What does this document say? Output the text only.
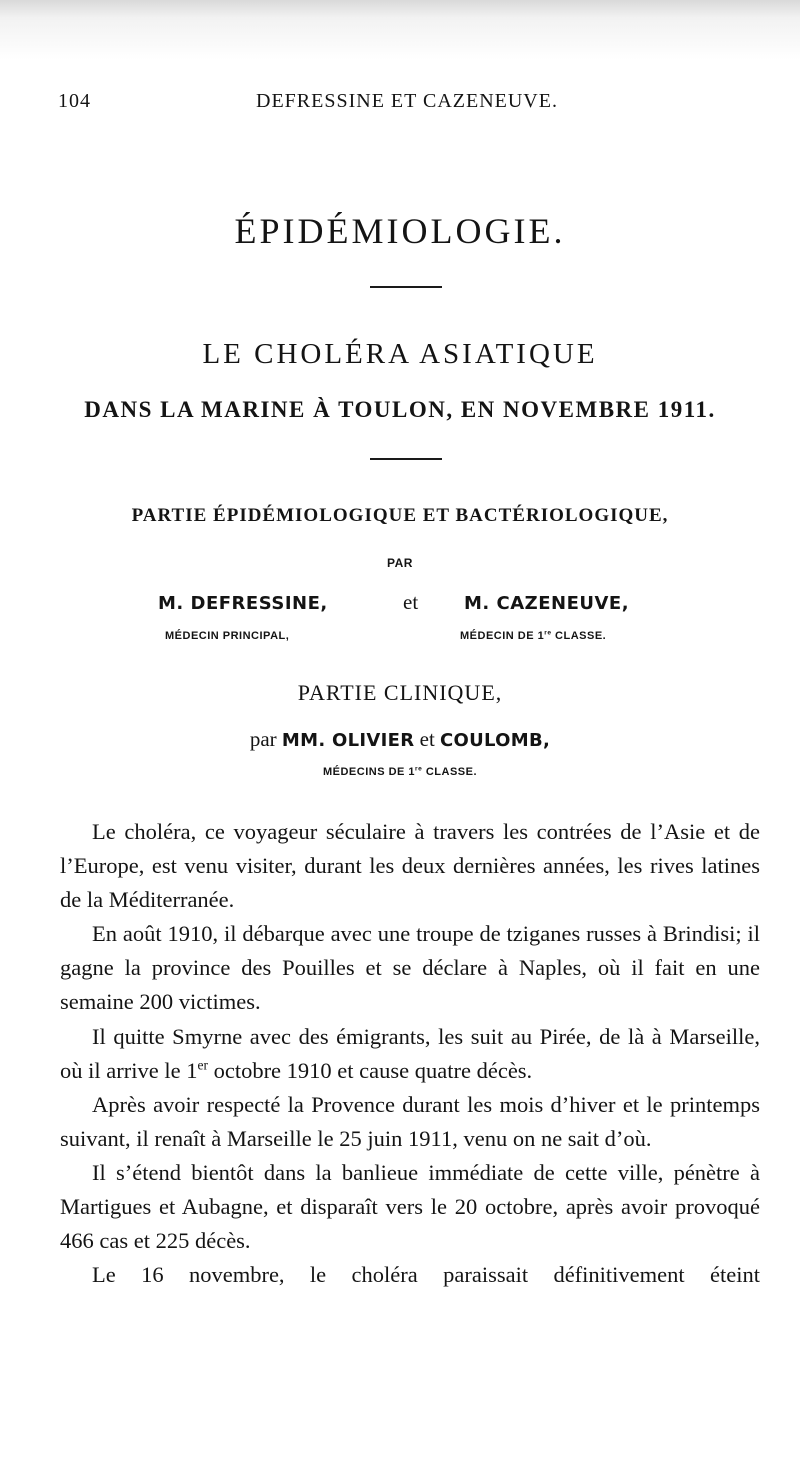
104	DEFRESSINE ET CAZENEUVE.
ÉPIDÉMIOLOGIE.
LE CHOLÉRA ASIATIQUE
DANS LA MARINE À TOULON, EN NOVEMBRE 1911.
PARTIE ÉPIDÉMIOLOGIQUE ET BACTÉRIOLOGIQUE,
PAR
M. DEFRESSINE,	et	M. CAZENEUVE,
MÉDECIN PRINCIPAL,	MÉDECIN DE 1re CLASSE.
PARTIE CLINIQUE,
par MM. OLIVIER et COULOMB,
MÉDECINS DE 1re CLASSE.

Le choléra, ce voyageur séculaire à travers les contrées de l’Asie et de l’Europe, est venu visiter, durant les deux dernières années, les rives latines de la Méditerranée.

En août 1910, il débarque avec une troupe de tziganes russes à Brindisi; il gagne la province des Pouilles et se déclare à Naples, où il fait en une semaine 200 victimes.

Il quitte Smyrne avec des émigrants, les suit au Pirée, de là à Marseille, où il arrive le 1er octobre 1910 et cause quatre décès.

Après avoir respecté la Provence durant les mois d’hiver et le printemps suivant, il renaît à Marseille le 25 juin 1911, venu on ne sait d’où.

Il s’étend bientôt dans la banlieue immédiate de cette ville, pénètre à Martigues et Aubagne, et disparaît vers le 20 octobre, après avoir provoqué 466 cas et 225 décès.

Le 16 novembre, le choléra paraissait définitivement éteint
